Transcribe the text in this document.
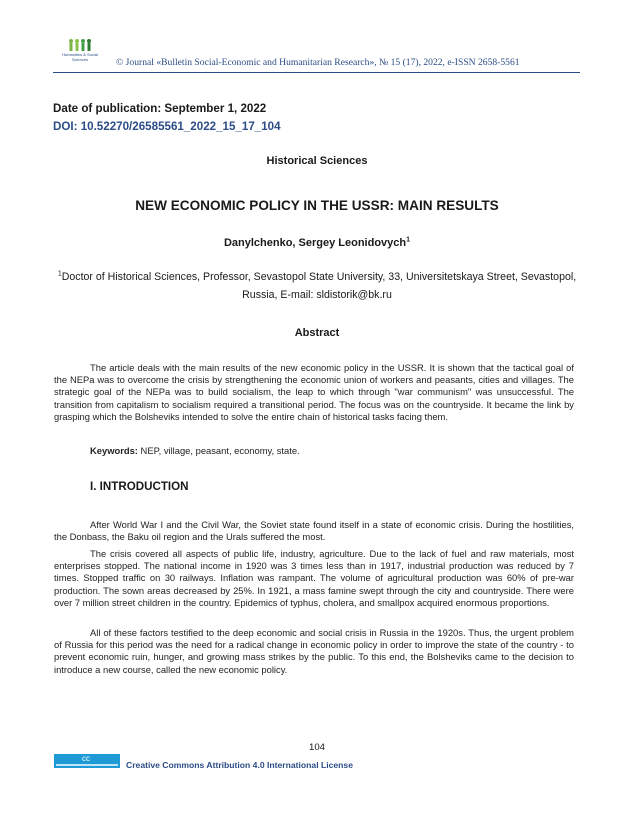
Humanities & Social Sciences	© Journal «Bulletin Social-Economic and Humanitarian Research», № 15 (17), 2022, e-ISSN 2658-5561
Date of publication: September 1, 2022
DOI: 10.52270/26585561_2022_15_17_104
Historical Sciences
NEW ECONOMIC POLICY IN THE USSR: MAIN RESULTS
Danylchenko, Sergey Leonidovych$^1$
$^1$Doctor of Historical Sciences, Professor, Sevastopol State University, 33, Universitetskaya Street, Sevastopol, Russia, E-mail: sldistorik@bk.ru
Abstract

The article deals with the main results of the new economic policy in the USSR. It is shown that the tactical goal of the NEPa was to overcome the crisis by strengthening the economic union of workers and peasants, cities and villages. The strategic goal of the NEPa was to build socialism, the leap to which through "war communism" was unsuccessful. The transition from capitalism to socialism required a transitional period. The focus was on the countryside. It became the link by grasping which the Bolsheviks intended to solve the entire chain of historical tasks facing them.

Keywords: NEP, village, peasant, economy, state.
I. INTRODUCTION

After World War I and the Civil War, the Soviet state found itself in a state of economic crisis. During the hostilities, the Donbass, the Baku oil region and the Urals suffered the most.

The crisis covered all aspects of public life, industry, agriculture. Due to the lack of fuel and raw materials, most enterprises stopped. The national income in 1920 was 3 times less than in 1917, industrial production was reduced by 7 times. Stopped traffic on 30 railways. Inflation was rampant. The volume of agricultural production was 60% of pre-war production. The sown areas decreased by 25%. In 1921, a mass famine swept through the city and countryside. There were over 7 million street children in the country. Epidemics of typhus, cholera, and smallpox acquired enormous proportions.

All of these factors testified to the deep economic and social crisis in Russia in the 1920s. Thus, the urgent problem of Russia for this period was the need for a radical change in economic policy in order to improve the state of the country - to prevent economic ruin, hunger, and growing mass strikes by the public. To this end, the Bolsheviks came to the decision to introduce a new course, called the new economic policy.

104
cc
Creative Commons Attribution 4.0 International License
